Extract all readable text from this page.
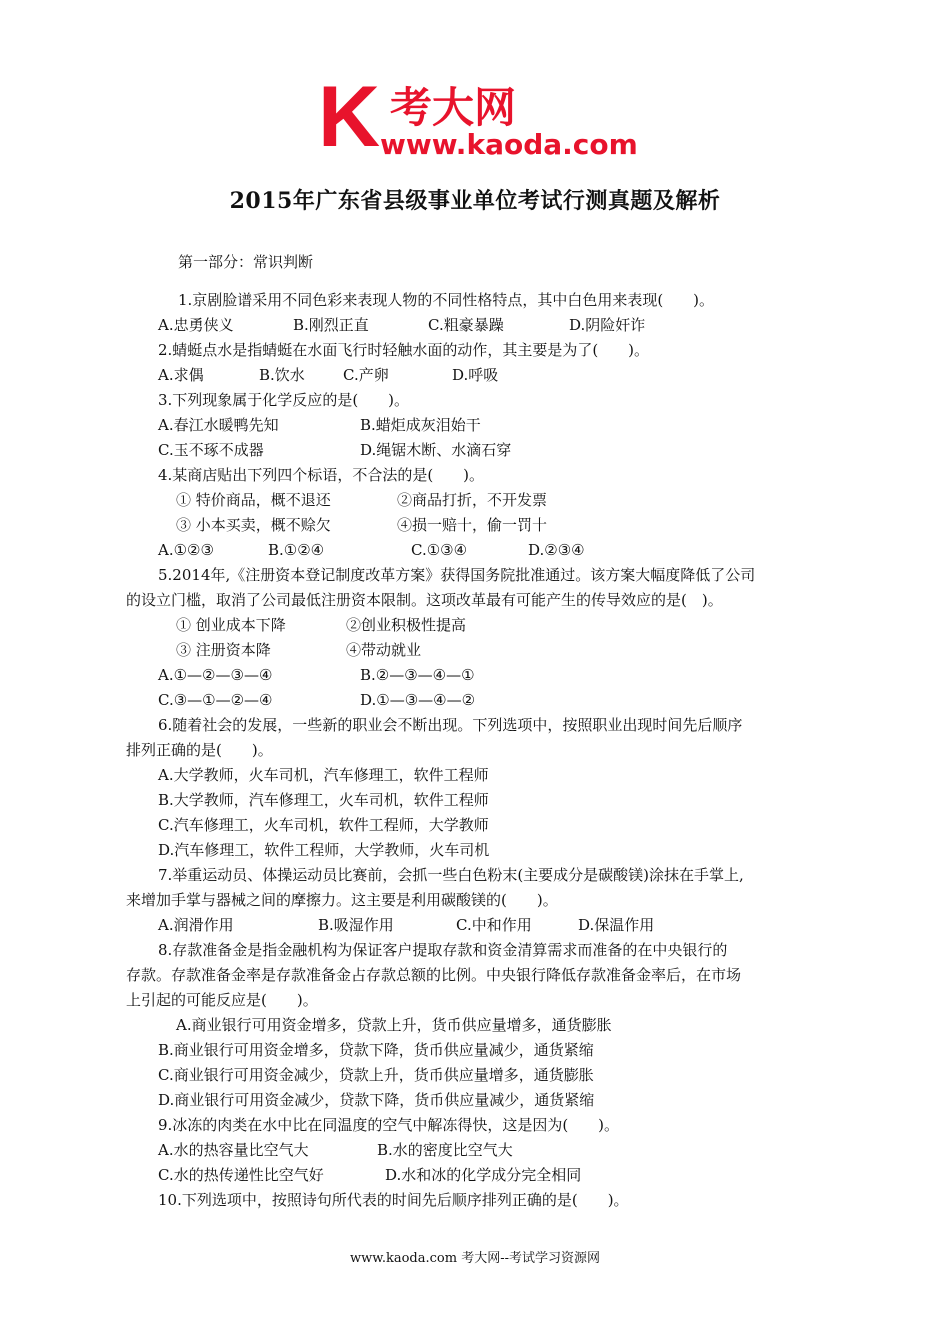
K 考大网
www.kaoda.com
2015年广东省县级事业单位考试行测真题及解析
第一部分：常识判断
1.京剧脸谱采用不同色彩来表现人物的不同性格特点，其中白色用来表现(　　)。
A.忠勇侠义	B.刚烈正直	C.粗豪暴躁	D.阴险奸诈
2.蜻蜓点水是指蜻蜓在水面飞行时轻触水面的动作，其主要是为了(　　)。
A.求偶	B.饮水	C.产卵	D.呼吸
3.下列现象属于化学反应的是(　　)。
A.春江水暖鸭先知	B.蜡炬成灰泪始干
C.玉不琢不成器	D.绳锯木断、水滴石穿
4.某商店贴出下列四个标语，不合法的是(　　)。
① 特价商品，概不退还	②商品打折，不开发票
③ 小本买卖，概不赊欠	④损一赔十，偷一罚十
A.①②③	B.①②④	C.①③④	D.②③④
5.2014年,《注册资本登记制度改革方案》获得国务院批准通过。该方案大幅度降低了公司
的设立门槛，取消了公司最低注册资本限制。这项改革最有可能产生的传导效应的是(　)。
① 创业成本下降	②创业积极性提高
③ 注册资本降	④带动就业
A.①—②—③—④	B.②—③—④—①
C.③—①—②—④	D.①—③—④—②
6.随着社会的发展，一些新的职业会不断出现。下列选项中，按照职业出现时间先后顺序
排列正确的是(　　)。
A.大学教师，火车司机，汽车修理工，软件工程师
B.大学教师，汽车修理工，火车司机，软件工程师
C.汽车修理工，火车司机，软件工程师，大学教师
D.汽车修理工，软件工程师，大学教师，火车司机
7.举重运动员、体操运动员比赛前，会抓一些白色粉末(主要成分是碳酸镁)涂抹在手掌上,
来增加手掌与器械之间的摩擦力。这主要是利用碳酸镁的(　　)。
A.润滑作用	B.吸湿作用	C.中和作用	D.保温作用
8.存款准备金是指金融机构为保证客户提取存款和资金清算需求而准备的在中央银行的
存款。存款准备金率是存款准备金占存款总额的比例。中央银行降低存款准备金率后，在市场
上引起的可能反应是(　　)。
A.商业银行可用资金增多，贷款上升，货币供应量增多，通货膨胀
B.商业银行可用资金增多，贷款下降，货币供应量减少，通货紧缩
C.商业银行可用资金减少，贷款上升，货币供应量增多，通货膨胀
D.商业银行可用资金减少，贷款下降，货币供应量减少，通货紧缩
9.冰冻的肉类在水中比在同温度的空气中解冻得快，这是因为(　　)。
A.水的热容量比空气大	B.水的密度比空气大
C.水的热传递性比空气好	D.水和冰的化学成分完全相同
10.下列选项中，按照诗句所代表的时间先后顺序排列正确的是(　　)。
www.kaoda.com 考大网--考试学习资源网
